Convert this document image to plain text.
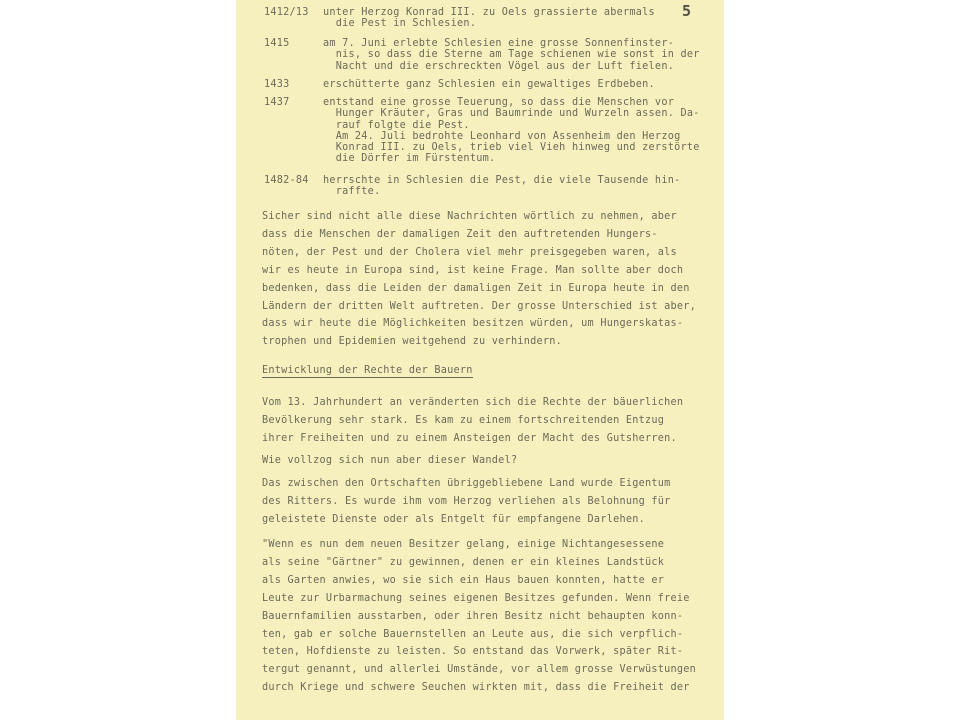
5
1412/13 unter Herzog Konrad III. zu Oels grassierte abermals
die Pest in Schlesien.
1415	am 7. Juni erlebte Schlesien eine grosse Sonnenfinster-
nis, so dass die Sterne am Tage schienen wie sonst in der
Nacht und die erschreckten Vögel aus der Luft fielen.
1433	erschütterte ganz Schlesien ein gewaltiges Erdbeben.
1437	entstand eine grosse Teuerung, so dass die Menschen vor
Hunger Kräuter, Gras und Baumrinde und Wurzeln assen. Da-
rauf folgte die Pest.
Am 24. Juli bedrohte Leonhard von Assenheim den Herzog
Konrad III. zu Oels, trieb viel Vieh hinweg und zerstörte
die Dörfer im Fürstentum.
1482-84 herrschte in Schlesien die Pest, die viele Tausende hin-
raffte.
Sicher sind nicht alle diese Nachrichten wörtlich zu nehmen, aber
dass die Menschen der damaligen Zeit den auftretenden Hungers-
nöten, der Pest und der Cholera viel mehr preisgegeben waren, als
wir es heute in Europa sind, ist keine Frage. Man sollte aber doch
bedenken, dass die Leiden der damaligen Zeit in Europa heute in den
Ländern der dritten Welt auftreten. Der grosse Unterschied ist aber,
dass wir heute die Möglichkeiten besitzen würden, um Hungerskatas-
trophen und Epidemien weitgehend zu verhindern.
Entwicklung der Rechte der Bauern
Vom 13. Jahrhundert an veränderten sich die Rechte der bäuerlichen
Bevölkerung sehr stark. Es kam zu einem fortschreitenden Entzug
ihrer Freiheiten und zu einem Ansteigen der Macht des Gutsherren.
Wie vollzog sich nun aber dieser Wandel?
Das zwischen den Ortschaften übriggebliebene Land wurde Eigentum
des Ritters. Es wurde ihm vom Herzog verliehen als Belohnung für
geleistete Dienste oder als Entgelt für empfangene Darlehen.
"Wenn es nun dem neuen Besitzer gelang, einige Nichtangesessene
als seine "Gärtner" zu gewinnen, denen er ein kleines Landstück
als Garten anwies, wo sie sich ein Haus bauen konnten, hatte er
Leute zur Urbarmachung seines eigenen Besitzes gefunden. Wenn freie
Bauernfamilien ausstarben, oder ihren Besitz nicht behaupten konn-
ten, gab er solche Bauernstellen an Leute aus, die sich verpflich-
teten, Hofdienste zu leisten. So entstand das Vorwerk, später Rit-
tergut genannt, und allerlei Umstände, vor allem grosse Verwüstungen
durch Kriege und schwere Seuchen wirkten mit, dass die Freiheit der
